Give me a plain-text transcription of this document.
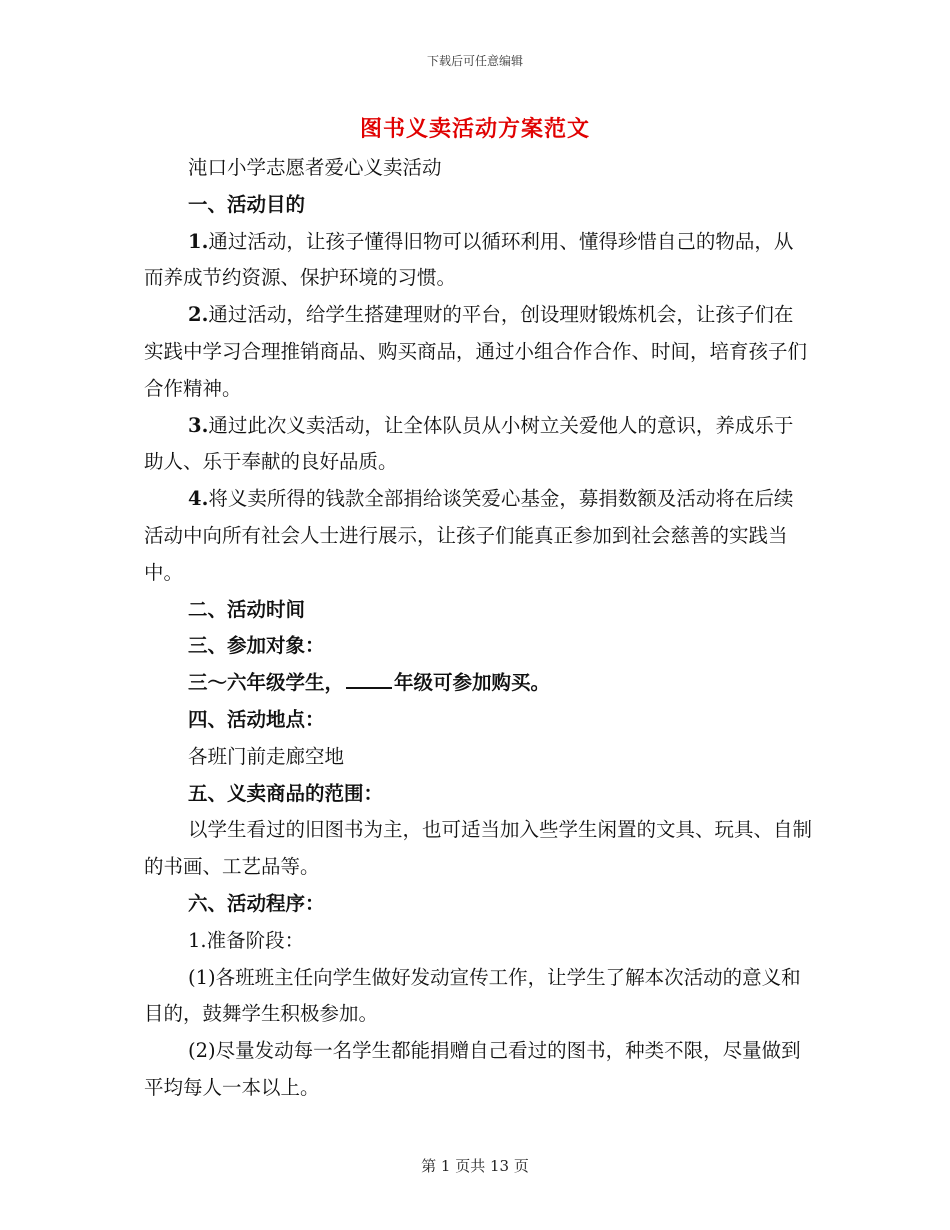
下载后可任意编辑
图书义卖活动方案范文

沌口小学志愿者爱心义卖活动

一、活动目的

1.通过活动，让孩子懂得旧物可以循环利用、懂得珍惜自己的物品，从而养成节约资源、保护环境的习惯。

2.通过活动，给学生搭建理财的平台，创设理财锻炼机会，让孩子们在实践中学习合理推销商品、购买商品，通过小组合作合作、时间，培育孩子们合作精神。

3.通过此次义卖活动，让全体队员从小树立关爱他人的意识，养成乐于助人、乐于奉献的良好品质。

4.将义卖所得的钱款全部捐给谈笑爱心基金，募捐数额及活动将在后续活动中向所有社会人士进行展示，让孩子们能真正参加到社会慈善的实践当中。

二、活动时间

三、参加对象：

三～六年级学生，	年级可参加购买。

四、活动地点：

各班门前走廊空地

五、义卖商品的范围：

以学生看过的旧图书为主，也可适当加入些学生闲置的文具、玩具、自制的书画、工艺品等。

六、活动程序：

1.准备阶段：

(1)各班班主任向学生做好发动宣传工作，让学生了解本次活动的意义和目的，鼓舞学生积极参加。

(2)尽量发动每一名学生都能捐赠自己看过的图书，种类不限，尽量做到平均每人一本以上。

第 1 页共 13 页
